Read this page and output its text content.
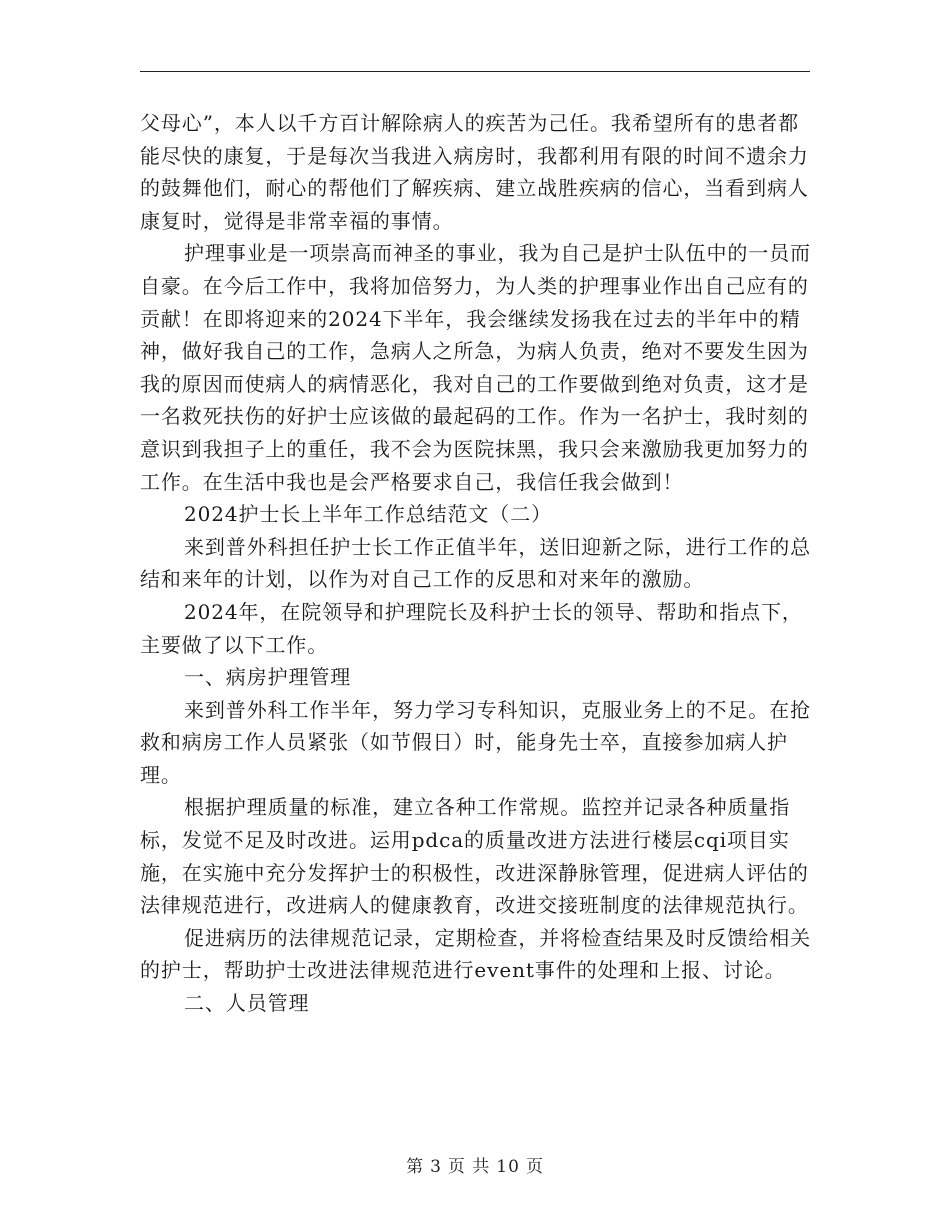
父母心”，本人以千方百计解除病人的疾苦为己任。我希望所有的患者都能尽快的康复，于是每次当我进入病房时，我都利用有限的时间不遗余力的鼓舞他们，耐心的帮他们了解疾病、建立战胜疾病的信心，当看到病人康复时，觉得是非常幸福的事情。

护理事业是一项崇高而神圣的事业，我为自己是护士队伍中的一员而自豪。在今后工作中，我将加倍努力，为人类的护理事业作出自己应有的贡献！在即将迎来的2024下半年，我会继续发扬我在过去的半年中的精神，做好我自己的工作，急病人之所急，为病人负责，绝对不要发生因为我的原因而使病人的病情恶化，我对自己的工作要做到绝对负责，这才是一名救死扶伤的好护士应该做的最起码的工作。作为一名护士，我时刻的意识到我担子上的重任，我不会为医院抹黑，我只会来激励我更加努力的工作。在生活中我也是会严格要求自己，我信任我会做到！

2024护士长上半年工作总结范文（二）

来到普外科担任护士长工作正值半年，送旧迎新之际，进行工作的总结和来年的计划，以作为对自己工作的反思和对来年的激励。

2024年，在院领导和护理院长及科护士长的领导、帮助和指点下，主要做了以下工作。

一、病房护理管理

来到普外科工作半年，努力学习专科知识，克服业务上的不足。在抢救和病房工作人员紧张（如节假日）时，能身先士卒，直接参加病人护理。

根据护理质量的标准，建立各种工作常规。监控并记录各种质量指标，发觉不足及时改进。运用pdca的质量改进方法进行楼层cqi项目实施，在实施中充分发挥护士的积极性，改进深静脉管理，促进病人评估的法律规范进行，改进病人的健康教育，改进交接班制度的法律规范执行。

促进病历的法律规范记录，定期检查，并将检查结果及时反馈给相关的护士，帮助护士改进法律规范进行event事件的处理和上报、讨论。

二、人员管理

第 3 页 共 10 页
